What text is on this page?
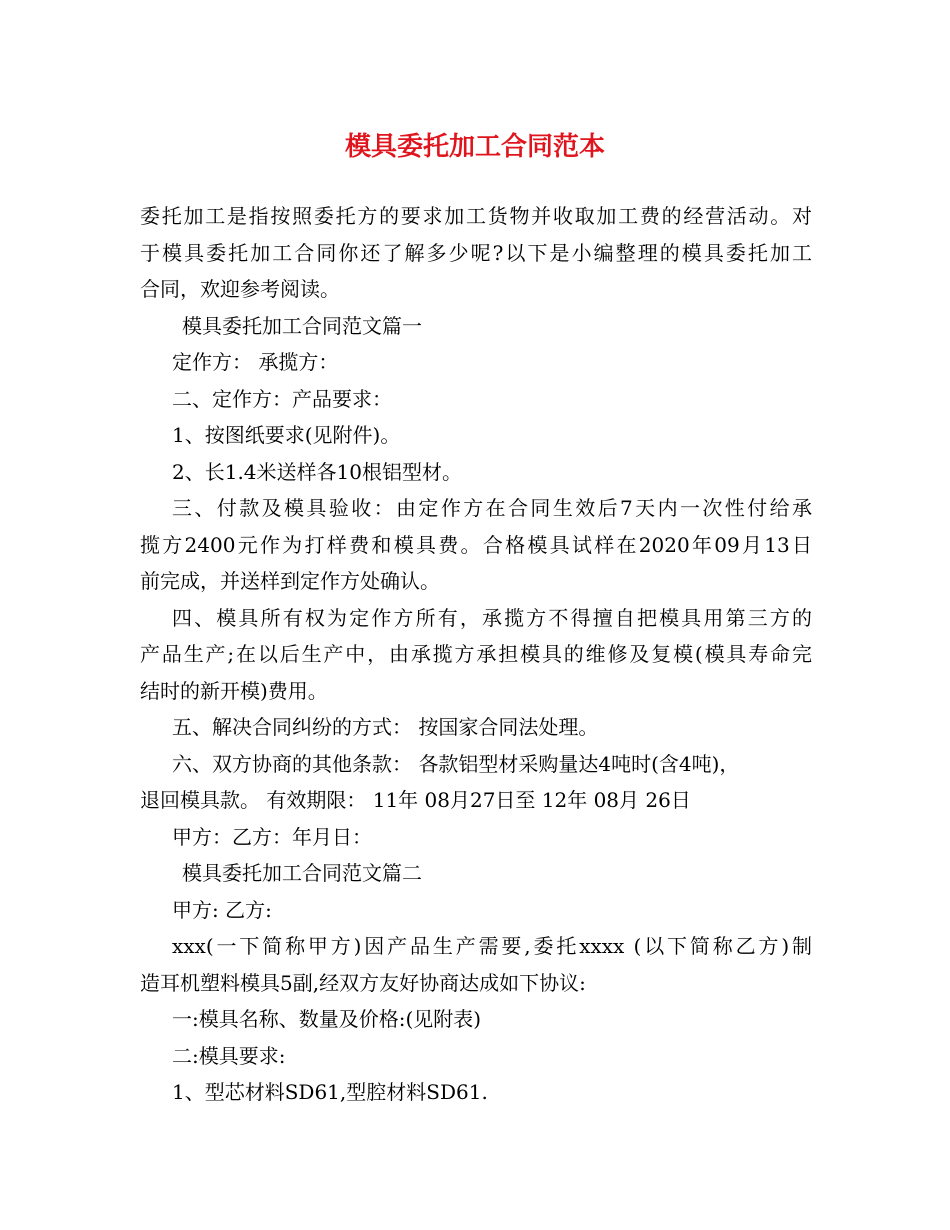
模具委托加工合同范本

委托加工是指按照委托方的要求加工货物并收取加工费的经营活动。对

于模具委托加工合同你还了解多少呢?以下是小编整理的模具委托加工

合同，欢迎参考阅读。

模具委托加工合同范文篇一

定作方： 承揽方：

二、定作方：产品要求：

1、按图纸要求(见附件)。

2、长1.4米送样各10根铝型材。

三、付款及模具验收：由定作方在合同生效后7天内一次性付给承

揽方2400元作为打样费和模具费。合格模具试样在2020年09月13日

前完成，并送样到定作方处确认。

四、模具所有权为定作方所有，承揽方不得擅自把模具用第三方的

产品生产;在以后生产中，由承揽方承担模具的维修及复模(模具寿命完

结时的新开模)费用。

五、解决合同纠纷的方式： 按国家合同法处理。

六、双方协商的其他条款： 各款铝型材采购量达4吨时(含4吨)，

退回模具款。 有效期限： 11年 08月27日至 12年 08月 26日

甲方：乙方：年月日：

模具委托加工合同范文篇二

甲方: 乙方:

xxx(一下简称甲方)因产品生产需要,委托xxxx (以下简称乙方)制

造耳机塑料模具5副,经双方友好协商达成如下协议:

一:模具名称、数量及价格:(见附表)

二:模具要求:

1、型芯材料SD61,型腔材料SD61.
